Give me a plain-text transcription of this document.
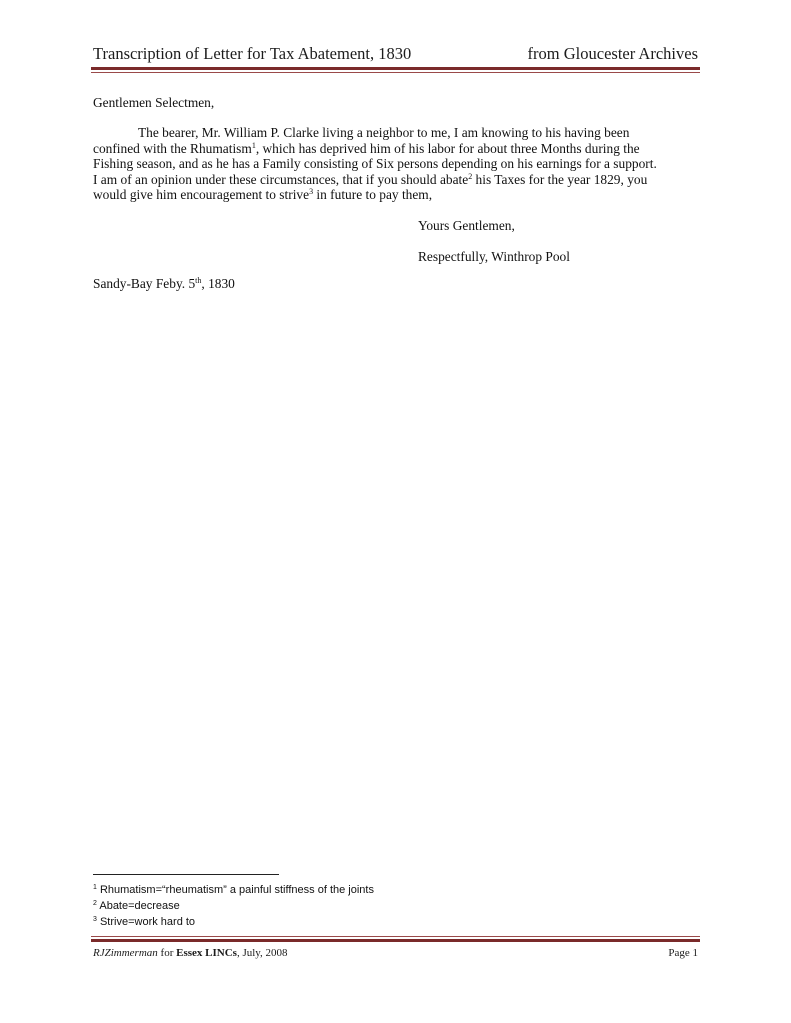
Transcription of Letter for Tax Abatement, 1830	from Gloucester Archives
Gentlemen Selectmen,
The bearer, Mr. William P. Clarke living a neighbor to me, I am knowing to his having been
confined with the Rhumatism$^1$, which has deprived him of his labor for about three Months during the
Fishing season, and as he has a Family consisting of Six persons depending on his earnings for a support.
I am of an opinion under these circumstances, that if you should abate$^2$ his Taxes for the year 1829, you
would give him encouragement to strive$^3$ in future to pay them,
Yours Gentlemen,
Respectfully, Winthrop Pool
Sandy-Bay Feby. 5th, 1830
$^1$ Rhumatism=“rheumatism” a painful stiffness of the joints
$^2$ Abate=decrease
$^3$ Strive=work hard to
RJZimmerman for Essex LINCs, July, 2008	Page 1
